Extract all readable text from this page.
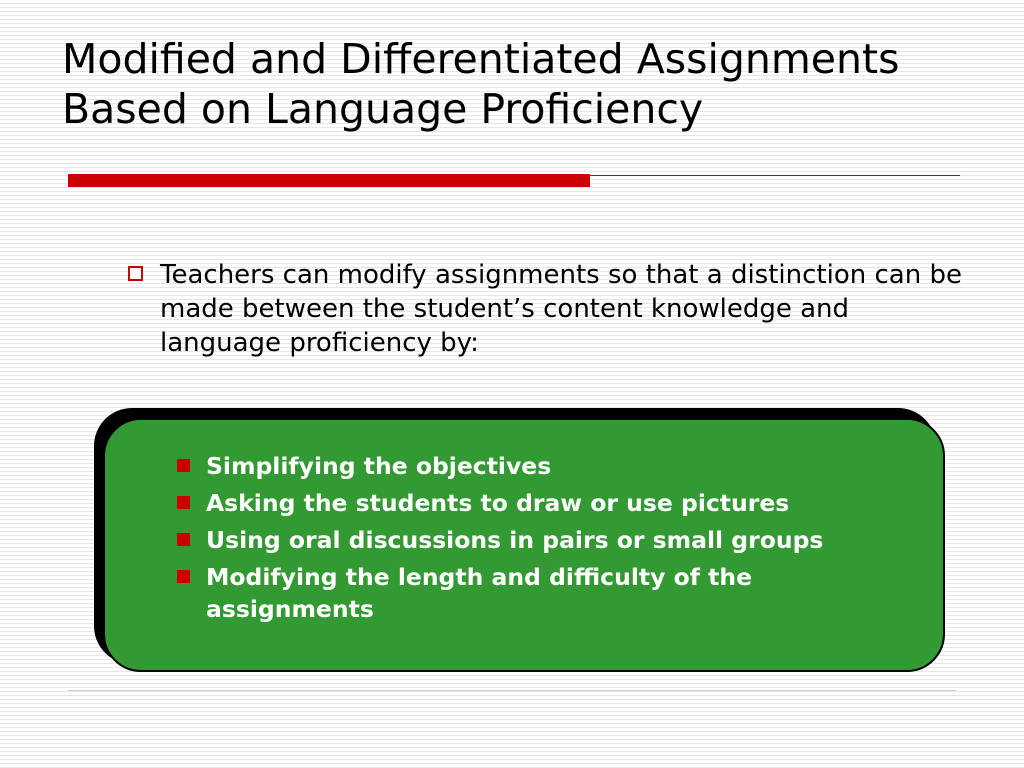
Modified and Differentiated Assignments
Based on Language Proficiency
Teachers can modify assignments so that a distinction can be made between the student’s content knowledge and language proficiency by:
Simplifying the objectives
Asking the students to draw or use pictures
Using oral discussions in pairs or small groups
Modifying the length and difficulty of the assignments
